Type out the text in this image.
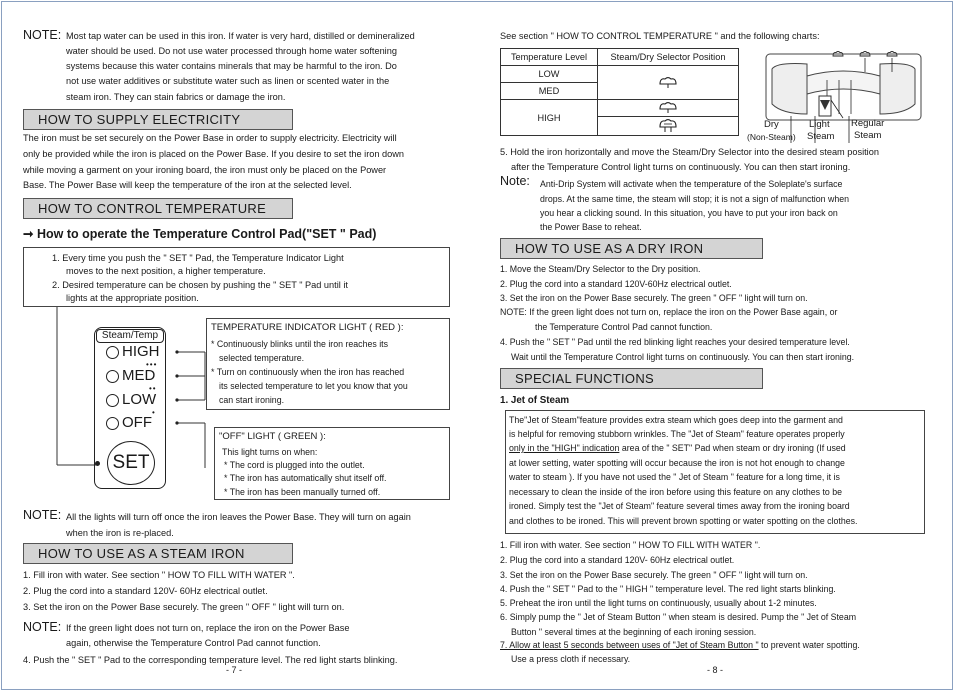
NOTE: Most tap water can be used in this iron. If water is very hard, distilled or demineralized
water should be used. Do not use water processed through home water softening
systems because this water contains minerals that may be harmful to the iron. Do
not use water additives or substitute water such as linen or scented water in the
steam iron. They can stain fabrics or damage the iron.
HOW TO SUPPLY ELECTRICITY
The iron must be set securely on the Power Base in order to supply electricity. Electricity will
only be provided while the iron is placed on the Power Base. If you desire to set the iron down
while moving a garment on your ironing board, the iron must only be placed on the Power
Base. The Power Base will keep the temperature of the iron at the selected level.
HOW TO CONTROL TEMPERATURE
➞ How to operate the Temperature Control Pad("SET " Pad)
1. Every time you push the " SET " Pad, the Temperature Indicator Light
moves to the next position, a higher temperature.
2. Desired temperature can be chosen by pushing the " SET " Pad until it
lights at the appropriate position.
Steam/Temp
HIGH
MED
•••
LOW
••
OFF
•
SET
TEMPERATURE INDICATOR LIGHT ( RED ):
* Continuously blinks until the iron reaches its
selected temperature.
* Turn on continuously when the iron has reached
its selected temperature to let you know that you
can start ironing.
"OFF" LIGHT ( GREEN ):
This light turns on when:
* The cord is plugged into the outlet.
* The iron has automatically shut itself off.
* The iron has been manually turned off.
NOTE: All the lights will turn off once the iron leaves the Power Base. They will turn on again
when the iron is re-placed.
HOW TO USE AS A STEAM IRON
1. Fill iron with water. See section " HOW TO FILL WITH WATER ".
2. Plug the cord into a standard 120V- 60Hz electrical outlet.
3. Set the iron on the Power Base securely. The green " OFF " light will turn on.
NOTE: If the green light does not turn on, replace the iron on the Power Base
again, otherwise the Temperature Control Pad cannot function.
4. Push the " SET " Pad to the corresponding temperature level. The red light starts blinking.
- 7 -
See section " HOW TO CONTROL TEMPERATURE " and the following charts:
Temperature Level	Steam/Dry Selector Position
LOW	
MED	
HIGH	

Dry
(Non-Steam)
Light
Steam
Regular
Steam
5. Hold the iron horizontally and move the Steam/Dry Selector into the desired steam position
after the Temperature Control light turns on continuously. You can then start ironing.
Note: Anti-Drip System will activate when the temperature of the Soleplate's surface
drops. At the same time, the steam will stop; it is not a sign of malfunction when
you hear a clicking sound. In this situation, you have to put your iron back on
the Power Base to reheat.
HOW TO USE AS A DRY IRON
1. Move the Steam/Dry Selector to the Dry position.
2. Plug the cord into a standard 120V-60Hz electrical outlet.
3. Set the iron on the Power Base securely. The green " OFF " light will turn on.
NOTE: If the green light does not turn on, replace the iron on the Power Base again, or
the Temperature Control Pad cannot function.
4. Push the " SET " Pad until the red blinking light reaches your desired temperature level.
Wait until the Temperature Control light turns on continuously. You can then start ironing.
SPECIAL FUNCTIONS
1. Jet of Steam
The"Jet of Steam"feature provides extra steam which goes deep into the garment and
is helpful for removing stubborn wrinkles. The "Jet of Steam" feature operates properly
only in the "HIGH" indication area of the " SET" Pad when steam or dry ironing (If used
at lower setting, water spotting will occur because the iron is not hot enough to change
water to steam ). If you have not used the " Jet of Steam " feature for a long time, it is
necessary to clean the inside of the iron before using this feature on any clothes to be
ironed. Simply test the "Jet of Steam" feature several times away from the ironing board
and clothes to be ironed. This will prevent brown spotting or water spotting on the clothes.
1. Fill iron with water. See section " HOW TO FILL WITH WATER ".
2. Plug the cord into a standard 120V- 60Hz electrical outlet.
3. Set the iron on the Power Base securely. The green " OFF " light will turn on.
4. Push the " SET " Pad to the " HIGH " temperature level. The red light starts blinking.
5. Preheat the iron until the light turns on continuously, usually about 1-2 minutes.
6. Simply pump the " Jet of Steam Button " when steam is desired. Pump the " Jet of Steam
Button " several times at the beginning of each ironing session.
7. Allow at least 5 seconds between uses of "Jet of Steam Button " to prevent water spotting.
Use a press cloth if necessary.
- 8 -
